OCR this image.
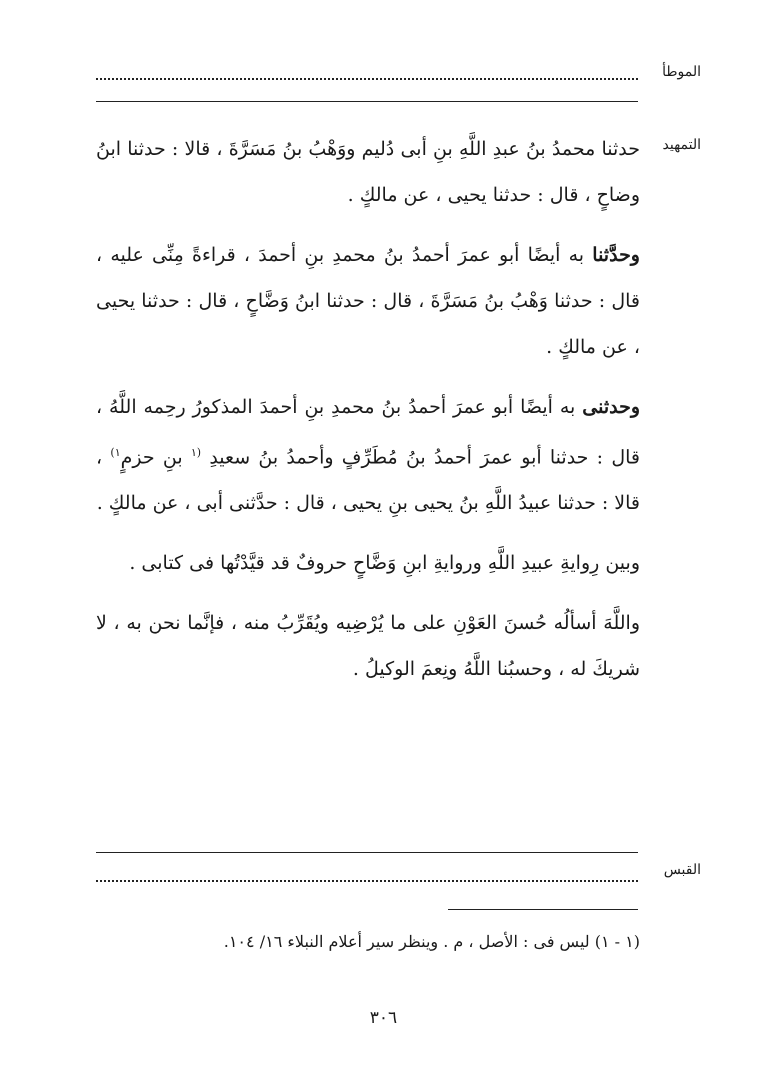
الموطأ
التمهيد

حدثنا محمدُ بنُ عبدِ اللَّهِ بنِ أبى دُليم ووَهْبُ بنُ مَسَرَّةَ ، قالا : حدثنا ابنُ وضاحٍ ، قال : حدثنا يحيى ، عن مالكٍ .

وحدَّثنا به أيضًا أبو عمرَ أحمدُ بنُ محمدِ بنِ أحمدَ ، قراءةً مِنِّى عليه ، قال : حدثنا وَهْبُ بنُ مَسَرَّةَ ، قال : حدثنا ابنُ وَضَّاحٍ ، قال : حدثنا يحيى ، عن مالكٍ .

وحدثنى به أيضًا أبو عمرَ أحمدُ بنُ محمدِ بنِ أحمدَ المذكورُ رحِمه اللَّهُ ، قال : حدثنا أبو عمرَ أحمدُ بنُ مُطَرِّفٍ وأحمدُ بنُ سعيدِ $^{(١}$ بنِ حزمٍ$^{١)}$ ، قالا : حدثنا عبيدُ اللَّهِ بنُ يحيى بنِ يحيى ، قال : حدَّثنى أبى ، عن مالكٍ .

وبين رِوايةِ عبيدِ اللَّهِ وروايةِ ابنِ وَضَّاحٍ حروفٌ قد قيَّدْتُها فى كتابى .

واللَّهَ أسألُه حُسنَ العَوْنِ على ما يُرْضِيه ويُقَرِّبُ منه ، فإنَّما نحن به ، لا شريكَ له ، وحسبُنا اللَّهُ ونِعمَ الوكيلُ .

القبس
(١ - ١) ليس فى : الأصل ، م . وينظر سير أعلام النبلاء ١٦/ ١٠٤.
٣٠٦
